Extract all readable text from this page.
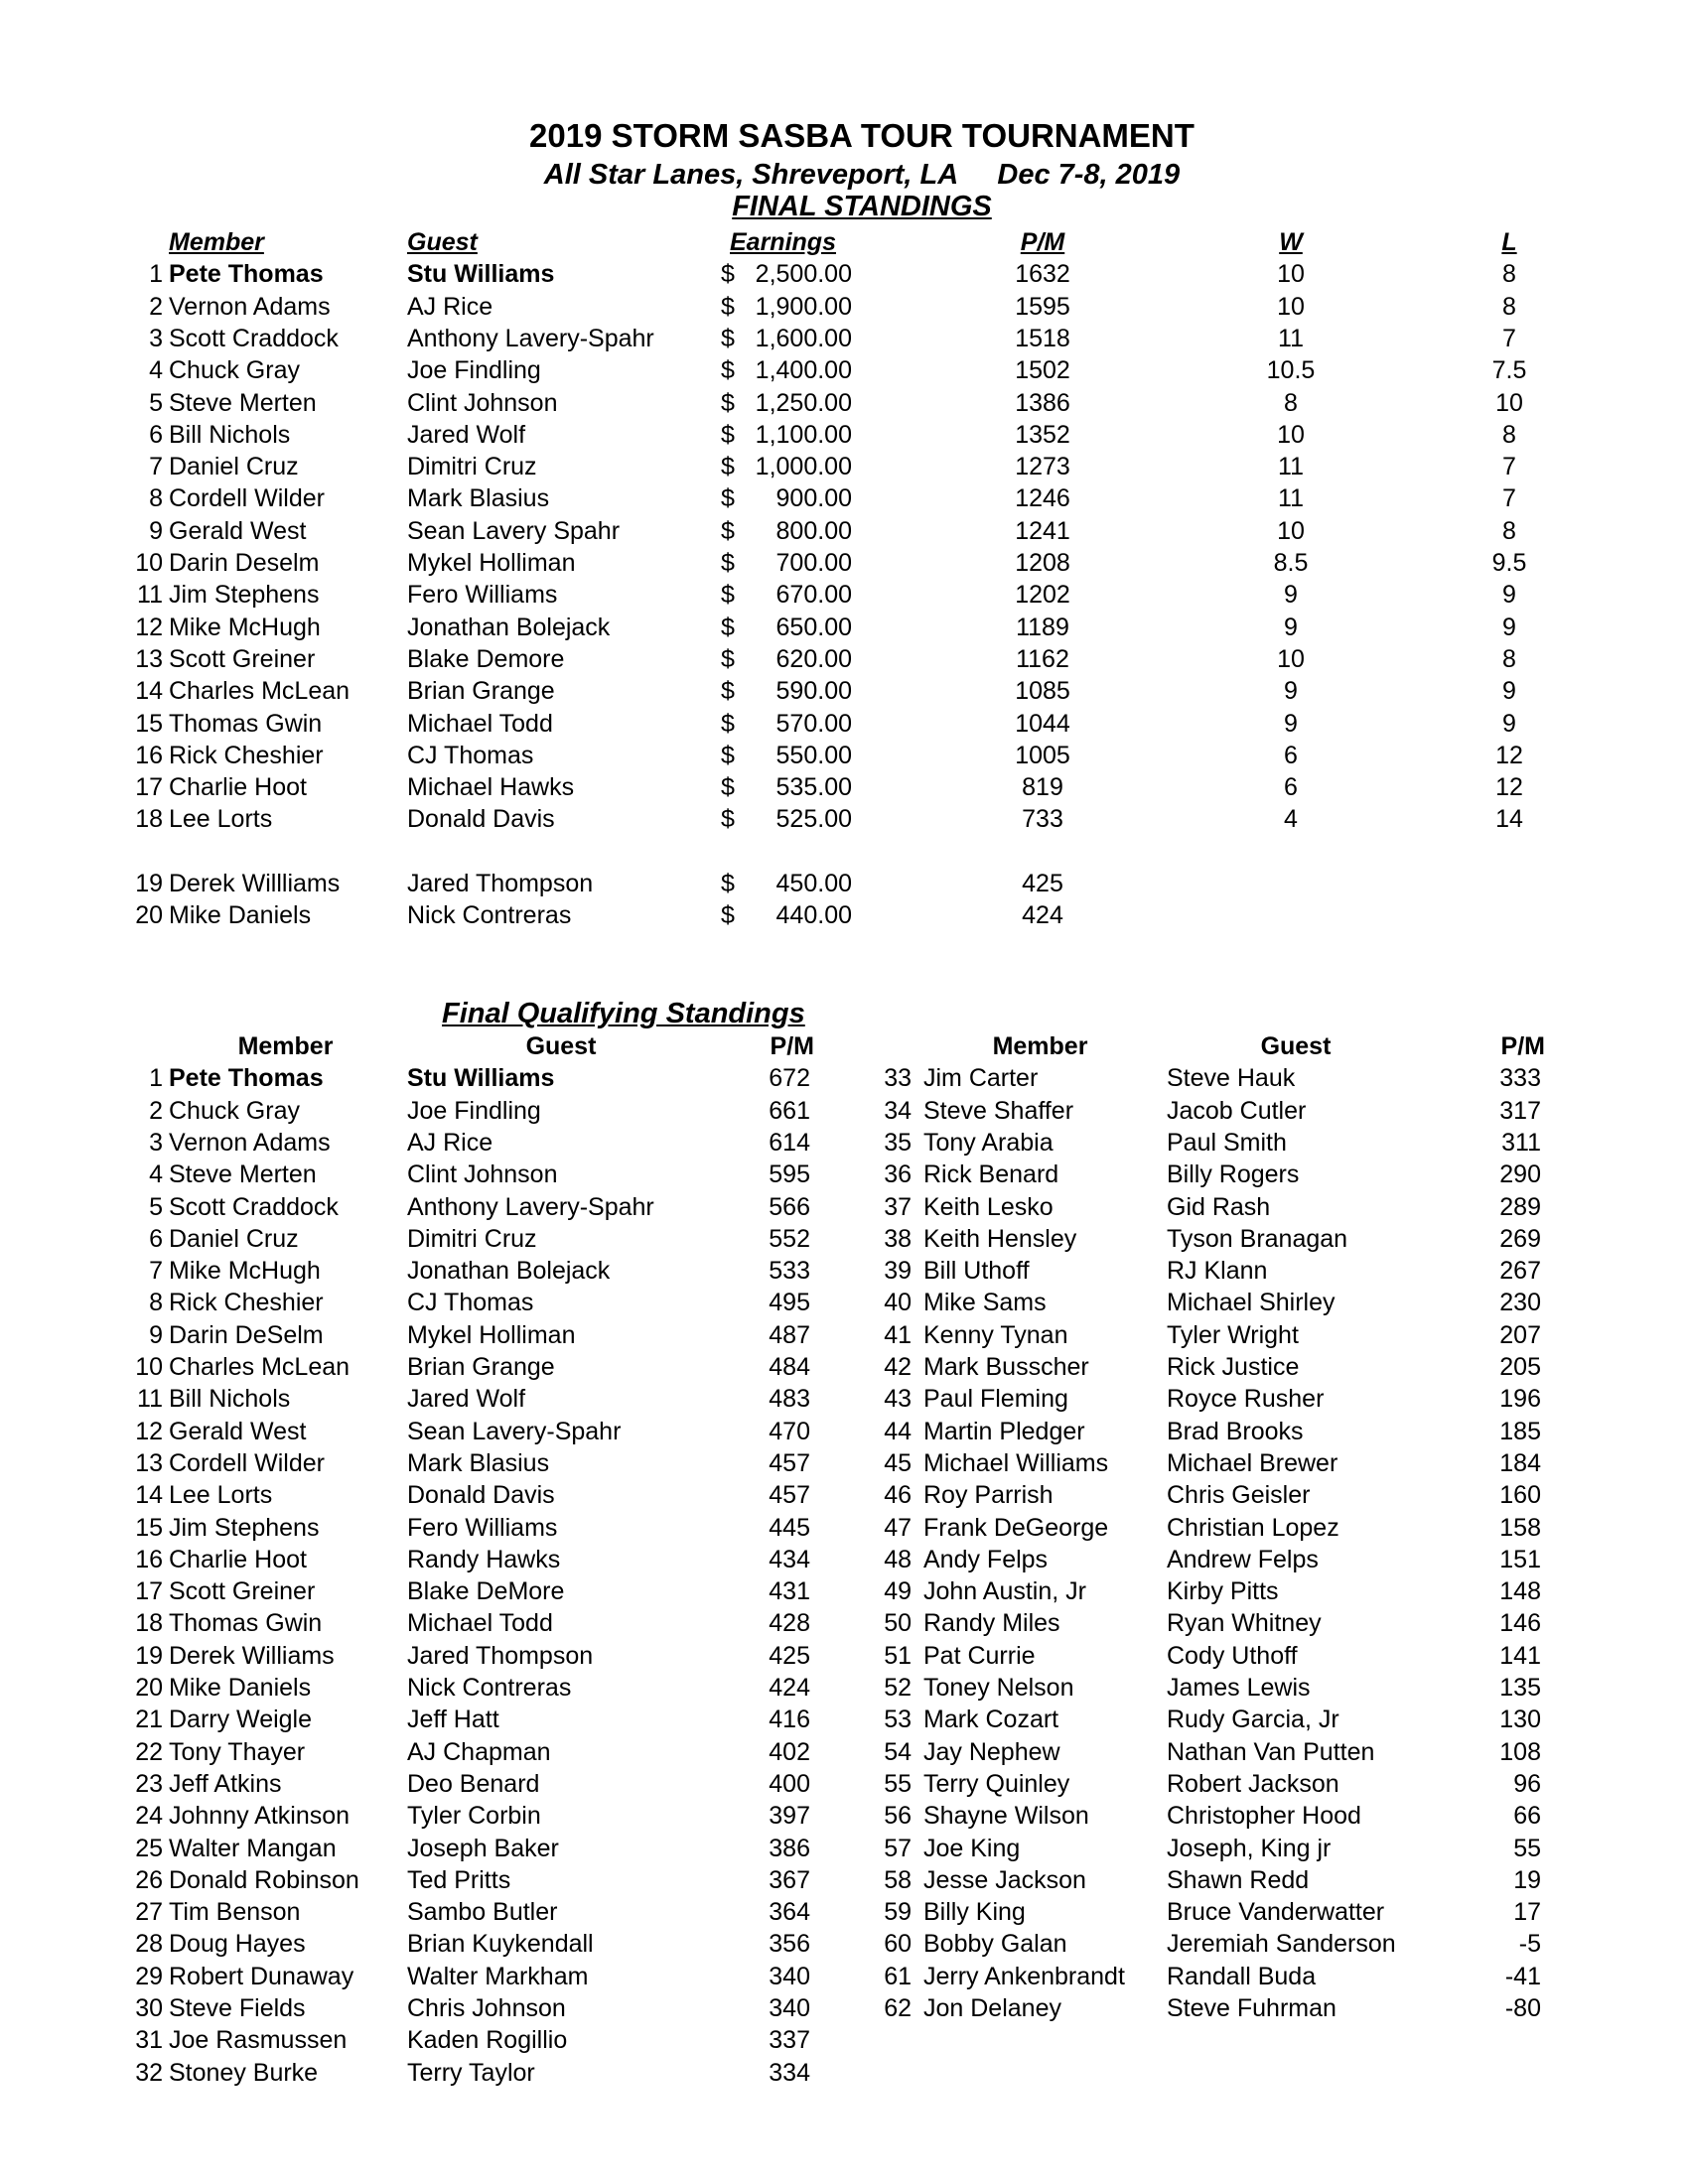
2019 STORM SASBA TOUR TOURNAMENT
All Star Lanes, Shreveport, LA     Dec 7-8, 2019
FINAL STANDINGS
Member	Guest	Earnings	P/M	W	L
1 Pete Thomas	Stu Williams	$ 2,500.00	1632	10	8
2 Vernon Adams	AJ Rice	$ 1,900.00	1595	10	8
3 Scott Craddock	Anthony Lavery-Spahr	$ 1,600.00	1518	11	7
4 Chuck Gray	Joe Findling	$ 1,400.00	1502	10.5	7.5
5 Steve Merten	Clint Johnson	$ 1,250.00	1386	8	10
6 Bill Nichols	Jared Wolf	$ 1,100.00	1352	10	8
7 Daniel Cruz	Dimitri Cruz	$ 1,000.00	1273	11	7
8 Cordell Wilder	Mark Blasius	$	900.00	1246	11	7
9 Gerald West	Sean Lavery Spahr	$	800.00	1241	10	8
10 Darin Deselm	Mykel Holliman	$	700.00	1208	8.5	9.5
11 Jim Stephens	Fero Williams	$	670.00	1202	9	9
12 Mike McHugh	Jonathan Bolejack	$	650.00	1189	9	9
13 Scott Greiner	Blake Demore	$	620.00	1162	10	8
14 Charles McLean	Brian Grange	$	590.00	1085	9	9
15 Thomas Gwin	Michael Todd	$	570.00	1044	9	9
16 Rick Cheshier	CJ Thomas	$	550.00	1005	6	12
17 Charlie Hoot	Michael Hawks	$	535.00	819	6	12
18 Lee Lorts	Donald Davis	$	525.00	733	4	14
19 Derek Willliams	Jared Thompson	$	450.00	425
20 Mike Daniels	Nick Contreras	$	440.00	424
Final Qualifying Standings
Member	Guest	P/M	Member	Guest	P/M
1 Pete Thomas	Stu Williams	672
2 Chuck Gray	Joe Findling	661
3 Vernon Adams	AJ Rice	614
4 Steve Merten	Clint Johnson	595
5 Scott Craddock	Anthony Lavery-Spahr	566
6 Daniel Cruz	Dimitri Cruz	552
7 Mike McHugh	Jonathan Bolejack	533
8 Rick Cheshier	CJ Thomas	495
9 Darin DeSelm	Mykel Holliman	487
10 Charles McLean	Brian Grange	484
11 Bill Nichols	Jared Wolf	483
12 Gerald West	Sean Lavery-Spahr	470
13 Cordell Wilder	Mark Blasius	457
14 Lee Lorts	Donald Davis	457
15 Jim Stephens	Fero Williams	445
16 Charlie Hoot	Randy Hawks	434
17 Scott Greiner	Blake DeMore	431
18 Thomas Gwin	Michael Todd	428
19 Derek Williams	Jared Thompson	425
20 Mike Daniels	Nick Contreras	424
21 Darry Weigle	Jeff Hatt	416
22 Tony Thayer	AJ Chapman	402
23 Jeff Atkins	Deo Benard	400
24 Johnny Atkinson	Tyler Corbin	397
25 Walter Mangan	Joseph Baker	386
26 Donald Robinson	Ted Pritts	367
27 Tim Benson	Sambo Butler	364
28 Doug Hayes	Brian Kuykendall	356
29 Robert Dunaway	Walter Markham	340
30 Steve Fields	Chris Johnson	340
31 Joe Rasmussen	Kaden Rogillio	337
32 Stoney Burke	Terry Taylor	334
33 Jim Carter	Steve Hauk	333
34 Steve Shaffer	Jacob Cutler	317
35 Tony Arabia	Paul Smith	311
36 Rick Benard	Billy Rogers	290
37 Keith Lesko	Gid Rash	289
38 Keith Hensley	Tyson Branagan	269
39 Bill Uthoff	RJ Klann	267
40 Mike Sams	Michael Shirley	230
41 Kenny Tynan	Tyler Wright	207
42 Mark Busscher	Rick Justice	205
43 Paul Fleming	Royce Rusher	196
44 Martin Pledger	Brad Brooks	185
45 Michael Williams	Michael Brewer	184
46 Roy Parrish	Chris Geisler	160
47 Frank DeGeorge	Christian Lopez	158
48 Andy Felps	Andrew Felps	151
49 John Austin, Jr	Kirby Pitts	148
50 Randy Miles	Ryan Whitney	146
51 Pat Currie	Cody Uthoff	141
52 Toney Nelson	James Lewis	135
53 Mark Cozart	Rudy Garcia, Jr	130
54 Jay Nephew	Nathan Van Putten	108
55 Terry Quinley	Robert Jackson	96
56 Shayne Wilson	Christopher Hood	66
57 Joe King	Joseph, King jr	55
58 Jesse Jackson	Shawn Redd	19
59 Billy King	Bruce Vanderwatter	17
60 Bobby Galan	Jeremiah Sanderson	-5
61 Jerry Ankenbrandt	Randall Buda	-41
62 Jon Delaney	Steve Fuhrman	-80
